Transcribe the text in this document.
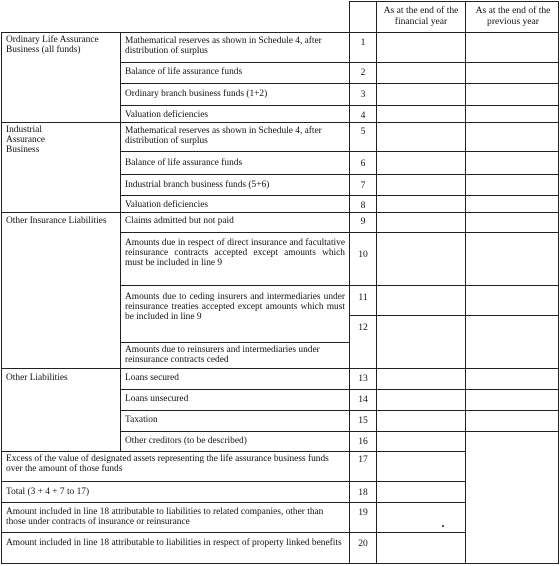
As at the end of the financial year
As at the end of the previous year
Ordinary Life Assurance Business (all funds)
Industrial Assurance Business
Other Insurance Liabilities
Other Liabilities
Mathematical reserves as shown in Schedule 4, after distribution of surplus
Balance of life assurance funds
Ordinary branch business funds (1+2)
Valuation deficiencies
Mathematical reserves as shown in Schedule 4, after distribution of surplus
Balance of life assurance funds
Industrial branch business funds (5+6)
Valuation deficiencies
Claims admitted but not paid
Amounts due in respect of direct insurance and facultative reinsurance contracts accepted except amounts which must be included in line 9
Amounts due to ceding insurers and intermediaries under reinsurance treaties accepted except amounts which must be included in line 9
Amounts due to reinsurers and intermediaries under reinsurance contracts ceded
Loans secured
Loans unsecured
Taxation
Other creditors (to be described)
Excess of the value of designated assets representing the life assurance business funds over the amount of those funds
Total (3 + 4 + 7 to 17)
Amount included in line 18 attributable to liabilities to related companies, other than those under contracts of insurance or reinsurance
Amount included in line 18 attributable to liabilities in respect of property linked benefits
1
2
3
4
5
6
7
8
9
10
11
12
13
14
15
16
17
18
19
20
